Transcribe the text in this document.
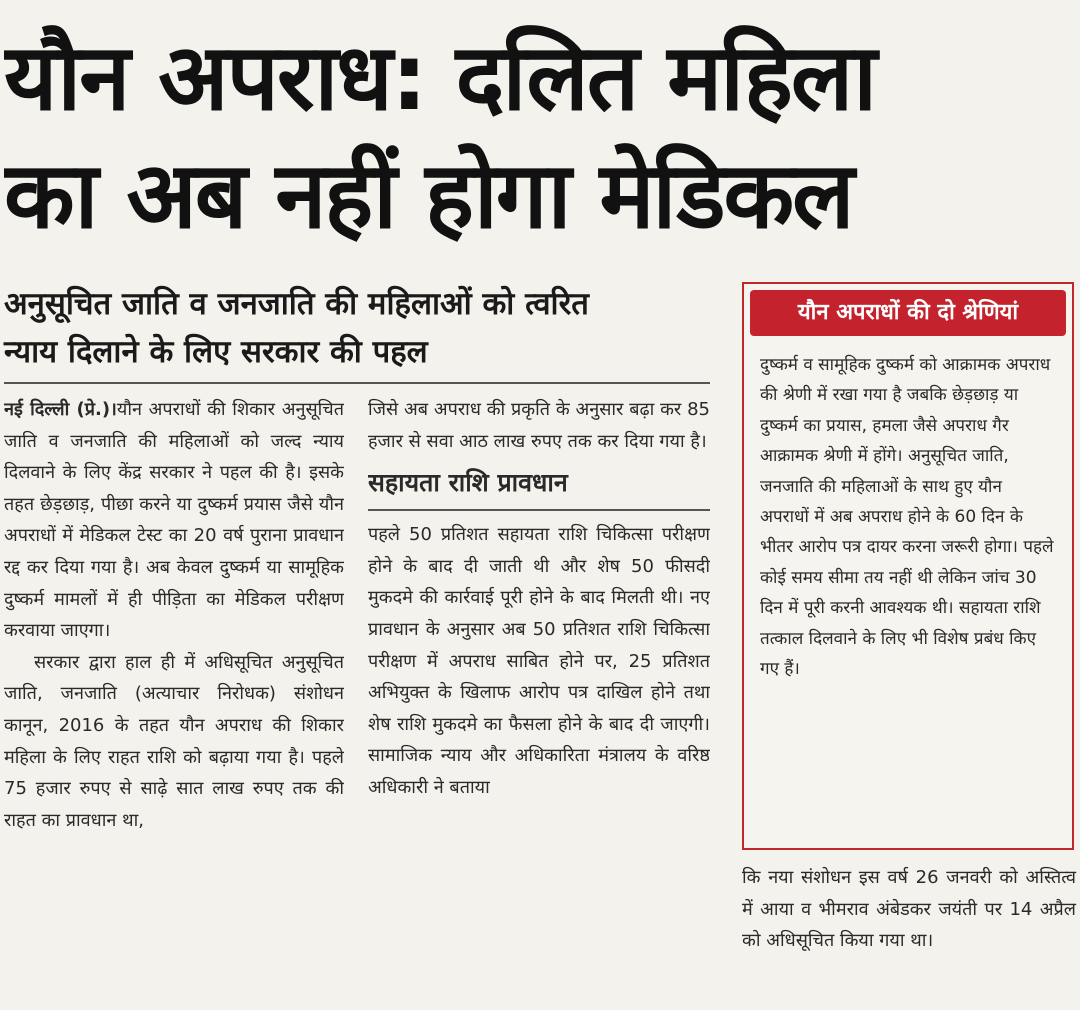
यौन अपराध: दलित महिला
का अब नहीं होगा मेडिकल
अनुसूचित जाति व जनजाति की महिलाओं को त्वरित
न्याय दिलाने के लिए सरकार की पहल

नई दिल्ली (प्रे.)।यौन अपराधों की शिकार अनुसूचित जाति व जनजाति की महिलाओं को जल्द न्याय दिलवाने के लिए केंद्र सरकार ने पहल की है। इसके तहत छेड़छाड़, पीछा करने या दुष्कर्म प्रयास जैसे यौन अपराधों में मेडिकल टेस्ट का 20 वर्ष पुराना प्रावधान रद्द कर दिया गया है। अब केवल दुष्कर्म या सामूहिक दुष्कर्म मामलों में ही पीड़िता का मेडिकल परीक्षण करवाया जाएगा।

सरकार द्वारा हाल ही में अधिसूचित अनुसूचित जाति, जनजाति (अत्याचार निरोधक) संशोधन कानून, 2016 के तहत यौन अपराध की शिकार महिला के लिए राहत राशि को बढ़ाया गया है। पहले 75 हजार रुपए से साढ़े सात लाख रुपए तक की राहत का प्रावधान था,

जिसे अब अपराध की प्रकृति के अनुसार बढ़ा कर 85 हजार से सवा आठ लाख रुपए तक कर दिया गया है।

सहायता राशि प्रावधान

पहले 50 प्रतिशत सहायता राशि चिकित्सा परीक्षण होने के बाद दी जाती थी और शेष 50 फीसदी मुकदमे की कार्रवाई पूरी होने के बाद मिलती थी। नए प्रावधान के अनुसार अब 50 प्रतिशत राशि चिकित्सा परीक्षण में अपराध साबित होने पर, 25 प्रतिशत अभियुक्त के खिलाफ आरोप पत्र दाखिल होने तथा शेष राशि मुकदमे का फैसला होने के बाद दी जाएगी। सामाजिक न्याय और अधिकारिता मंत्रालय के वरिष्ठ अधिकारी ने बताया

यौन अपराधों की दो श्रेणियां
दुष्कर्म व सामूहिक दुष्कर्म को आक्रामक अपराध की श्रेणी में रखा गया है जबकि छेड़छाड़ या दुष्कर्म का प्रयास, हमला जैसे अपराध गैर आक्रामक श्रेणी में होंगे। अनुसूचित जाति, जनजाति की महिलाओं के साथ हुए यौन अपराधों में अब अपराध होने के 60 दिन के भीतर आरोप पत्र दायर करना जरूरी होगा। पहले कोई समय सीमा तय नहीं थी लेकिन जांच 30 दिन में पूरी करनी आवश्यक थी। सहायता राशि तत्काल दिलवाने के लिए भी विशेष प्रबंध किए गए हैं।
कि नया संशोधन इस वर्ष 26 जनवरी को अस्तित्व में आया व भीमराव अंबेडकर जयंती पर 14 अप्रैल को अधिसूचित किया गया था।
